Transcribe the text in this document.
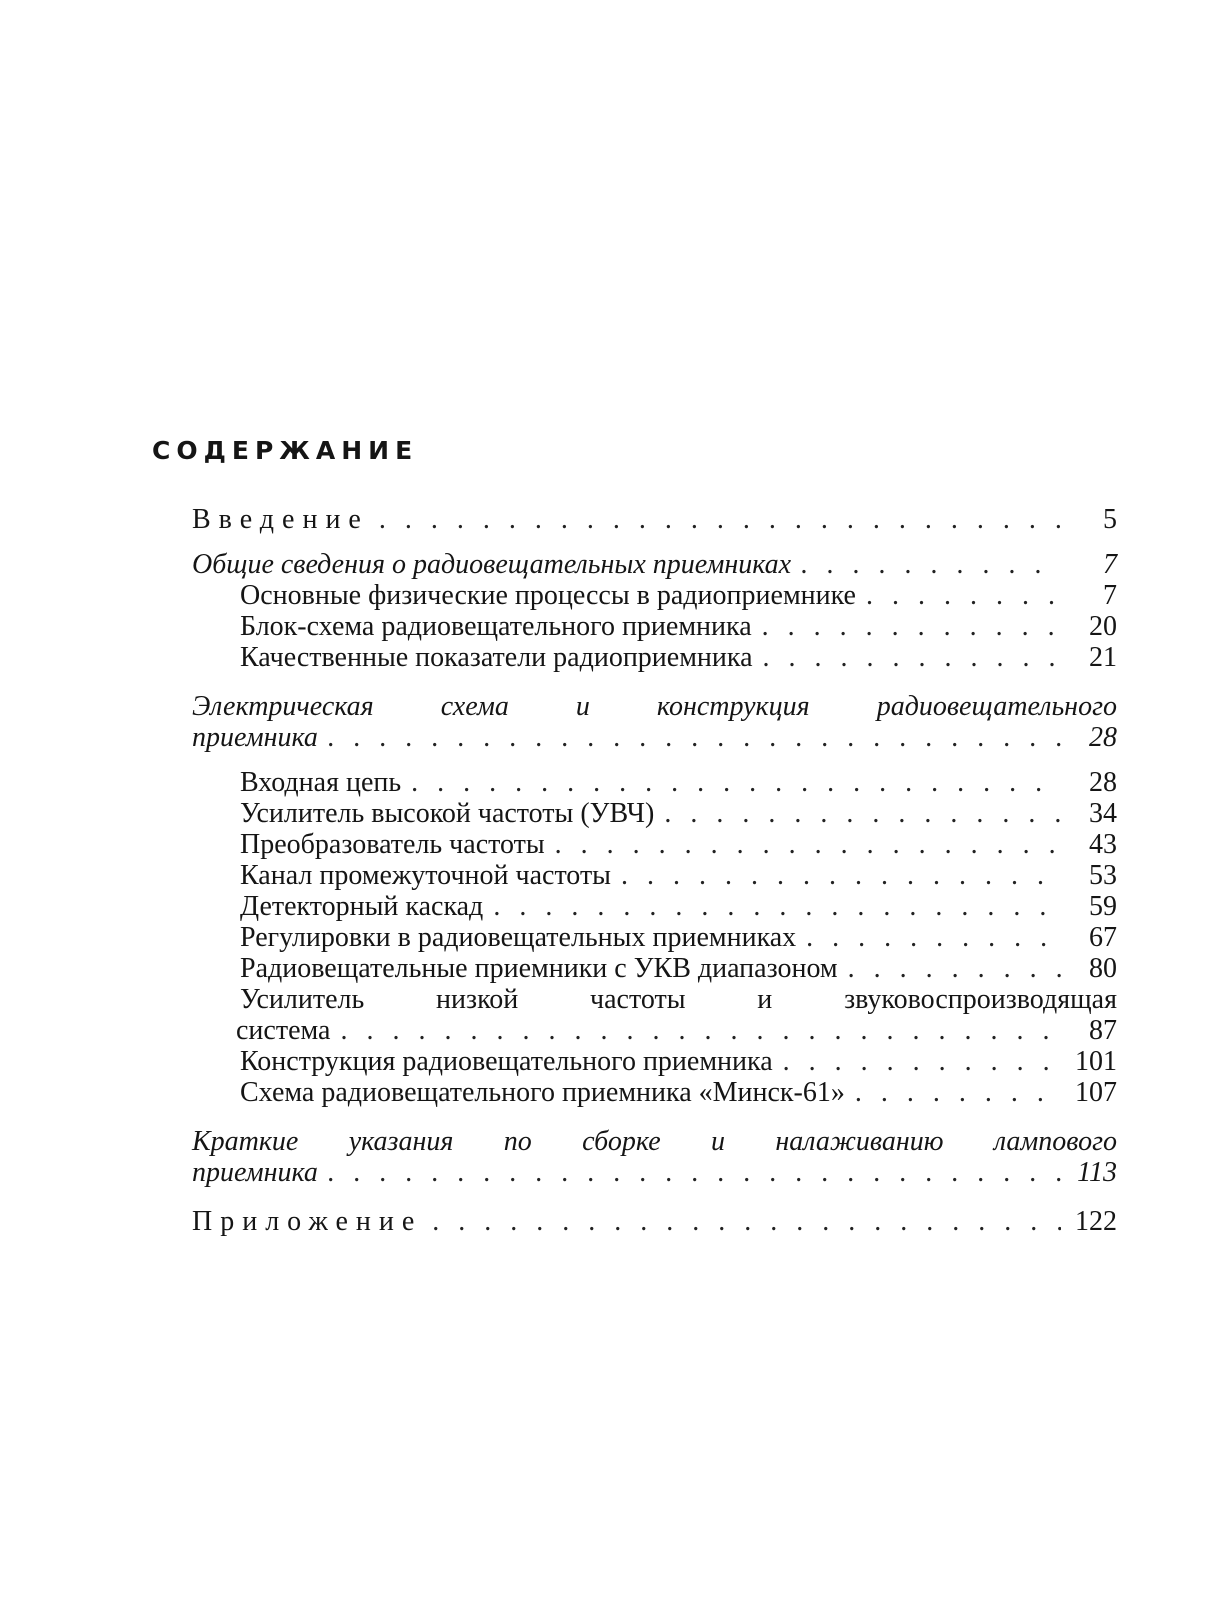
СОДЕРЖАНИЕ
Введение . . .	5
Общие сведения о радиовещательных приемниках . . .	7
Основные физические процессы в радиоприемнике . . .	7
Блок-схема радиовещательного приемника . . .	20
Качественные показатели радиоприемника . . .	21
Электрическая схема и конструкция радиовещательного
приемника . . .	28
Входная цепь . . .	28
Усилитель высокой частоты (УВЧ) . . .	34
Преобразователь частоты . . .	43
Канал промежуточной частоты . . .	53
Детекторный каскад . . .	59
Регулировки в радиовещательных приемниках . . .	67
Радиовещательные приемники с УКВ диапазоном . . .	80
Усилитель низкой частоты и звуковоспроизводящая
система . . .	87
Конструкция радиовещательного приемника . . .	101
Схема радиовещательного приемника «Минск-61» . . .	107
Краткие указания по сборке и налаживанию лампового
приемника . . .	113
Приложение . . .	122
